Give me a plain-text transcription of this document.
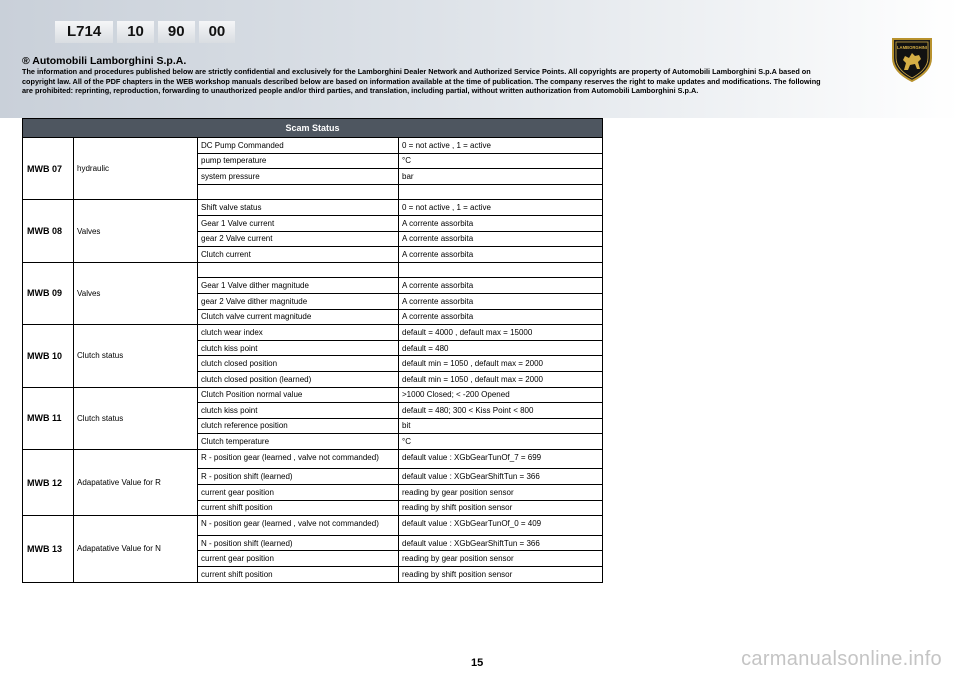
L714	10	90	00
LAMBORGHINI
® Automobili Lamborghini S.p.A.
The information and procedures published below are strictly confidential and exclusively for the Lamborghini Dealer Network and Authorized Service Points. All copyrights are property of Automobili Lamborghini S.p.A based on copyright law. All of the PDF chapters in the WEB workshop manuals described below are based on information available at the time of publication. The company reserves the right to make updates and modifications. The following are prohibited: reprinting, reproduction, forwarding to unauthorized people and/or third parties, and translation, including partial, without written authorization from Automobili Lamborghini S.p.A.
Scam Status			
MWB 07	hydraulic	DC Pump Commanded	0 = not active , 1 = active
		pump temperature	°C
		system pressure	bar

MWB 08	Valves	Shift valve status	0 = not active , 1 = active
		Gear 1 Valve current	A corrente assorbita
		gear 2 Valve current	A corrente assorbita
		Clutch current	A corrente assorbita
MWB 09	Valves		
		Gear 1 Valve dither magnitude	A corrente assorbita
		gear 2 Valve dither magnitude	A corrente assorbita
		Clutch valve current magnitude	A corrente assorbita
MWB 10	Clutch status	clutch wear index	default = 4000 , default max = 15000
		clutch kiss point	default = 480
		clutch closed position	default min = 1050 , default max = 2000
		clutch closed position (learned)	default min = 1050 , default max = 2000
MWB 11	Clutch status	Clutch Position normal value	>1000 Closed; < -200 Opened
		clutch kiss point	default = 480; 300 < Kiss Point < 800
		clutch reference position	bit
		Clutch temperature	°C
MWB 12	Adapatative Value for R	R - position gear (learned , valve not commanded)	default value : XGbGearTunOf_7 = 699
		R - position shift (learned)	default value : XGbGearShiftTun = 366
		current gear position	reading by gear position sensor
		current shift position	reading by shift position sensor
MWB 13	Adapatative Value for N	N - position gear (learned , valve not commanded)	default value : XGbGearTunOf_0 = 409
		N - position shift (learned)	default value : XGbGearShiftTun = 366
		current gear position	reading by gear position sensor
		current shift position	reading by shift position sensor
15	carmanualsonline.info
